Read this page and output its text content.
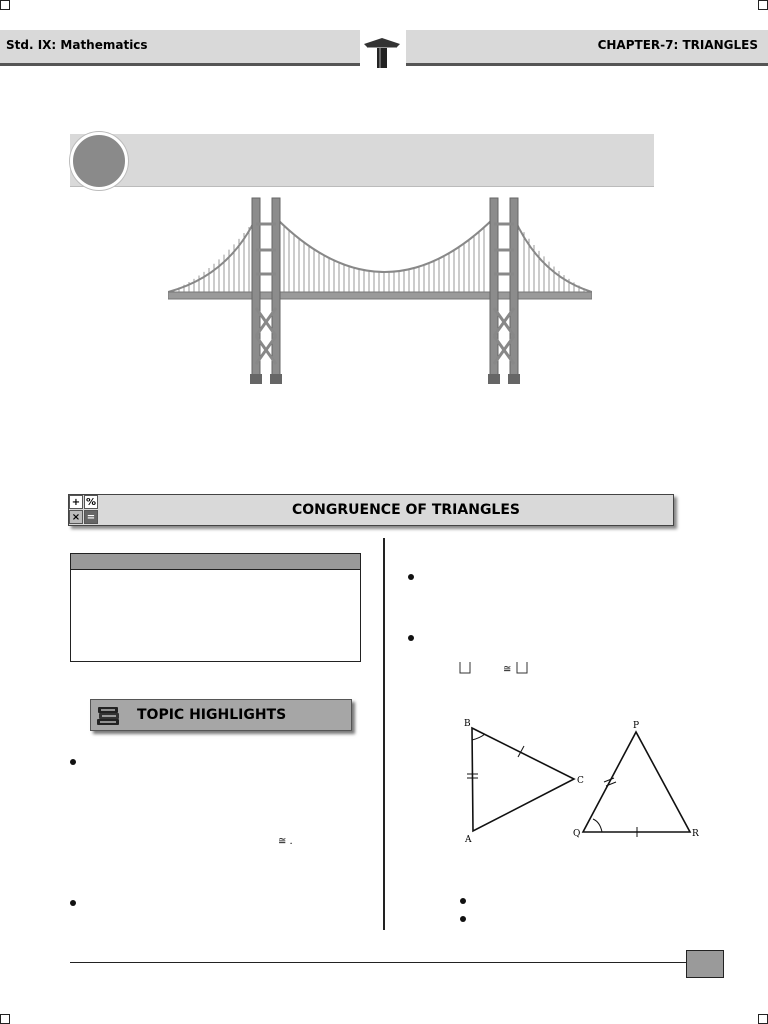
Std. IX: Mathematics	CHAPTER-7: TRIANGLES
+ %
× =	CONGRUENCE OF TRIANGLES
TOPIC HIGHLIGHTS
≅ .
≅
B
C
A
P
Q	R
